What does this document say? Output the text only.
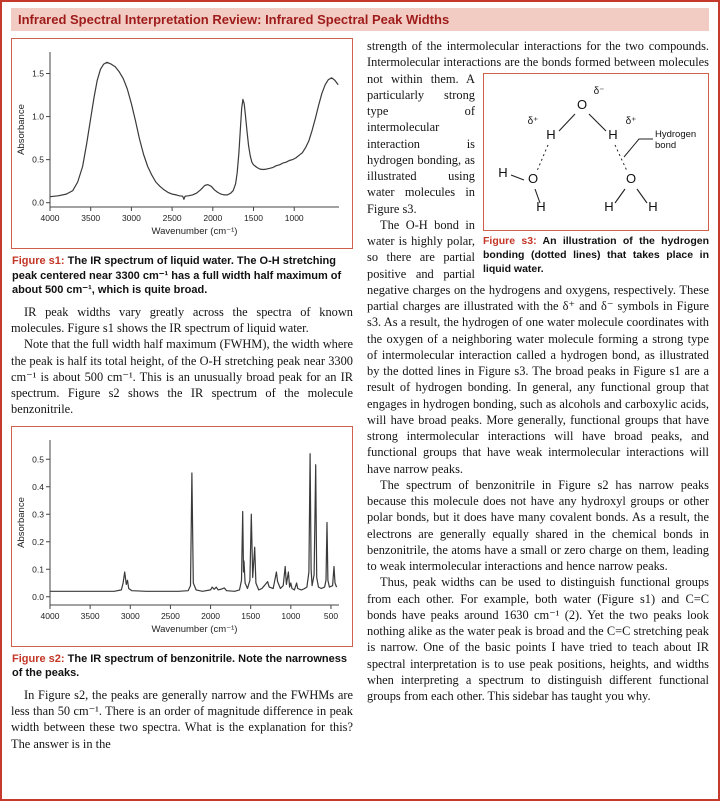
Infrared Spectral Interpretation Review: Infrared Spectral Peak Widths
4000	3500	3000	2500	2000	1500	1000
0.0
0.5
1.0
1.5
Wavenumber (cm⁻¹)
Absorbance

Figure s1: The IR spectrum of liquid water. The O-H stretching peak centered near 3300 cm⁻¹ has a full width half maximum of about 500 cm⁻¹, which is quite broad.

IR peak widths vary greatly across the spectra of known molecules. Figure s1 shows the IR spectrum of liquid water.

Note that the full width half maximum (FWHM), the width where the peak is half its total height, of the O-H stretching peak near 3300 cm⁻¹ is about 500 cm⁻¹. This is an unusually broad peak for an IR spectrum. Figure s2 shows the IR spectrum of the molecule benzonitrile.

4000 3500 3000 2500 2000 1500 1000	500
0.0
0.1
0.2
0.3
0.4
0.5
Wavenumber (cm⁻¹)
Absorbance

Figure s2: The IR spectrum of benzonitrile. Note the narrowness of the peaks.

In Figure s2, the peaks are generally narrow and the FWHMs are less than 50 cm⁻¹. There is an order of magnitude difference in peak width between these two spectra. What is the explanation for this? The answer is in the

strength of the intermolecular interactions for the two compounds. Intermolecular interactions are the bonds formed
O
δ⁻
H
δ⁺
H
δ⁺
O
H
H
O
H	H
Hydrogen
bond
Figure s3: An illustration of the hydrogen bonding (dotted lines) that takes place in liquid water.
between molecules not within them. A particularly strong type of intermolecular interaction is hydrogen bonding, as illustrated using water molecules in Figure s3.

The O-H bond in water is highly polar, so there are partial positive and partial negative charges on the hydrogens and oxygens, respectively. These partial charges are illustrated with the δ⁺ and δ⁻ symbols in Figure s3. As a result, the hydrogen of one water molecule coordinates with the oxygen of a neighboring water molecule forming a strong type of intermolecular interaction called a hydrogen bond, as illustrated by the dotted lines in Figure s3. The broad peaks in Figure s1 are a result of hydrogen bonding. In general, any functional group that engages in hydrogen bonding, such as alcohols and carboxylic acids, will have broad peaks. More generally, functional groups that have strong intermolecular interactions will have broad peaks, and functional groups that have weak intermolecular interactions will have narrow peaks.

The spectrum of benzonitrile in Figure s2 has narrow peaks because this molecule does not have any hydroxyl groups or other polar bonds, but it does have many covalent bonds. As a result, the electrons are generally equally shared in the chemical bonds in benzonitrile, the atoms have a small or zero charge on them, leading to weak intermolecular interactions and hence narrow peaks.

Thus, peak widths can be used to distinguish functional groups from each other. For example, both water (Figure s1) and C=C bonds have peaks around 1630 cm⁻¹ (2). Yet the two peaks look nothing alike as the water peak is broad and the C=C stretching peak is narrow. One of the basic points I have tried to teach about IR spectral interpretation is to use peak positions, heights, and widths when interpreting a spectrum to distinguish different functional groups from each other. This sidebar has taught you why.
